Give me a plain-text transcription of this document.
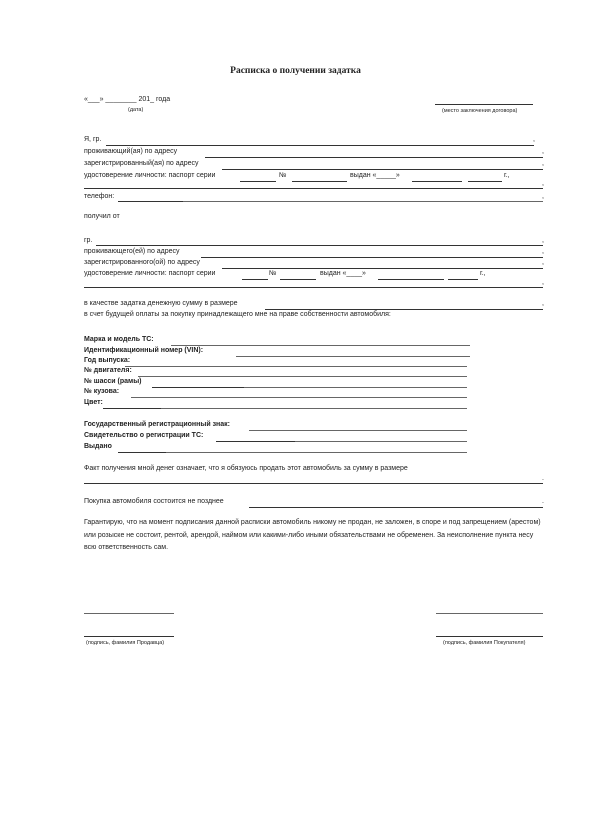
Расписка о получении задатка
«___» ________ 201_ года
(дата)	(место заключения договора)
Я, гр.	,
проживающий(ая) по адресу	,
зарегистрированный(ая) по адресу	,
удостоверение личности: паспорт серии	№	выдан «_____»	г.,
,
телефон:	,
получил от
гр.	,
проживающего(ей) по адресу	,
зарегистрированного(ой) по адресу	,
удостоверение личности: паспорт серии	№	выдан «____»	г.,
,
в качестве задатка денежную сумму в размере	,
в счет будущей оплаты за покупку принадлежащего мне на праве собственности автомобиля:
Марка и модель ТС:
Идентификационный номер (VIN):
Год выпуска:
№ двигателя:
№ шасси (рамы)
№ кузова:
Цвет:
Государственный регистрационный знак:
Свидетельство о регистрации ТС:
Выдано
Факт получения мной денег означает, что я обязуюсь продать этот автомобиль за сумму в размере
.
Покупка автомобиля состоится не позднее	.
Гарантирую, что на момент подписания данной расписки автомобиль никому не продан, не заложен, в споре и под запрещением (арестом) или розыске не состоит, рентой, арендой, наймом или какими-либо иными обязательствами не обременен. За неисполнение пункта несу всю ответственность сам.
(подпись, фамилия Продавца)	(подпись, фамилия Покупателя)
